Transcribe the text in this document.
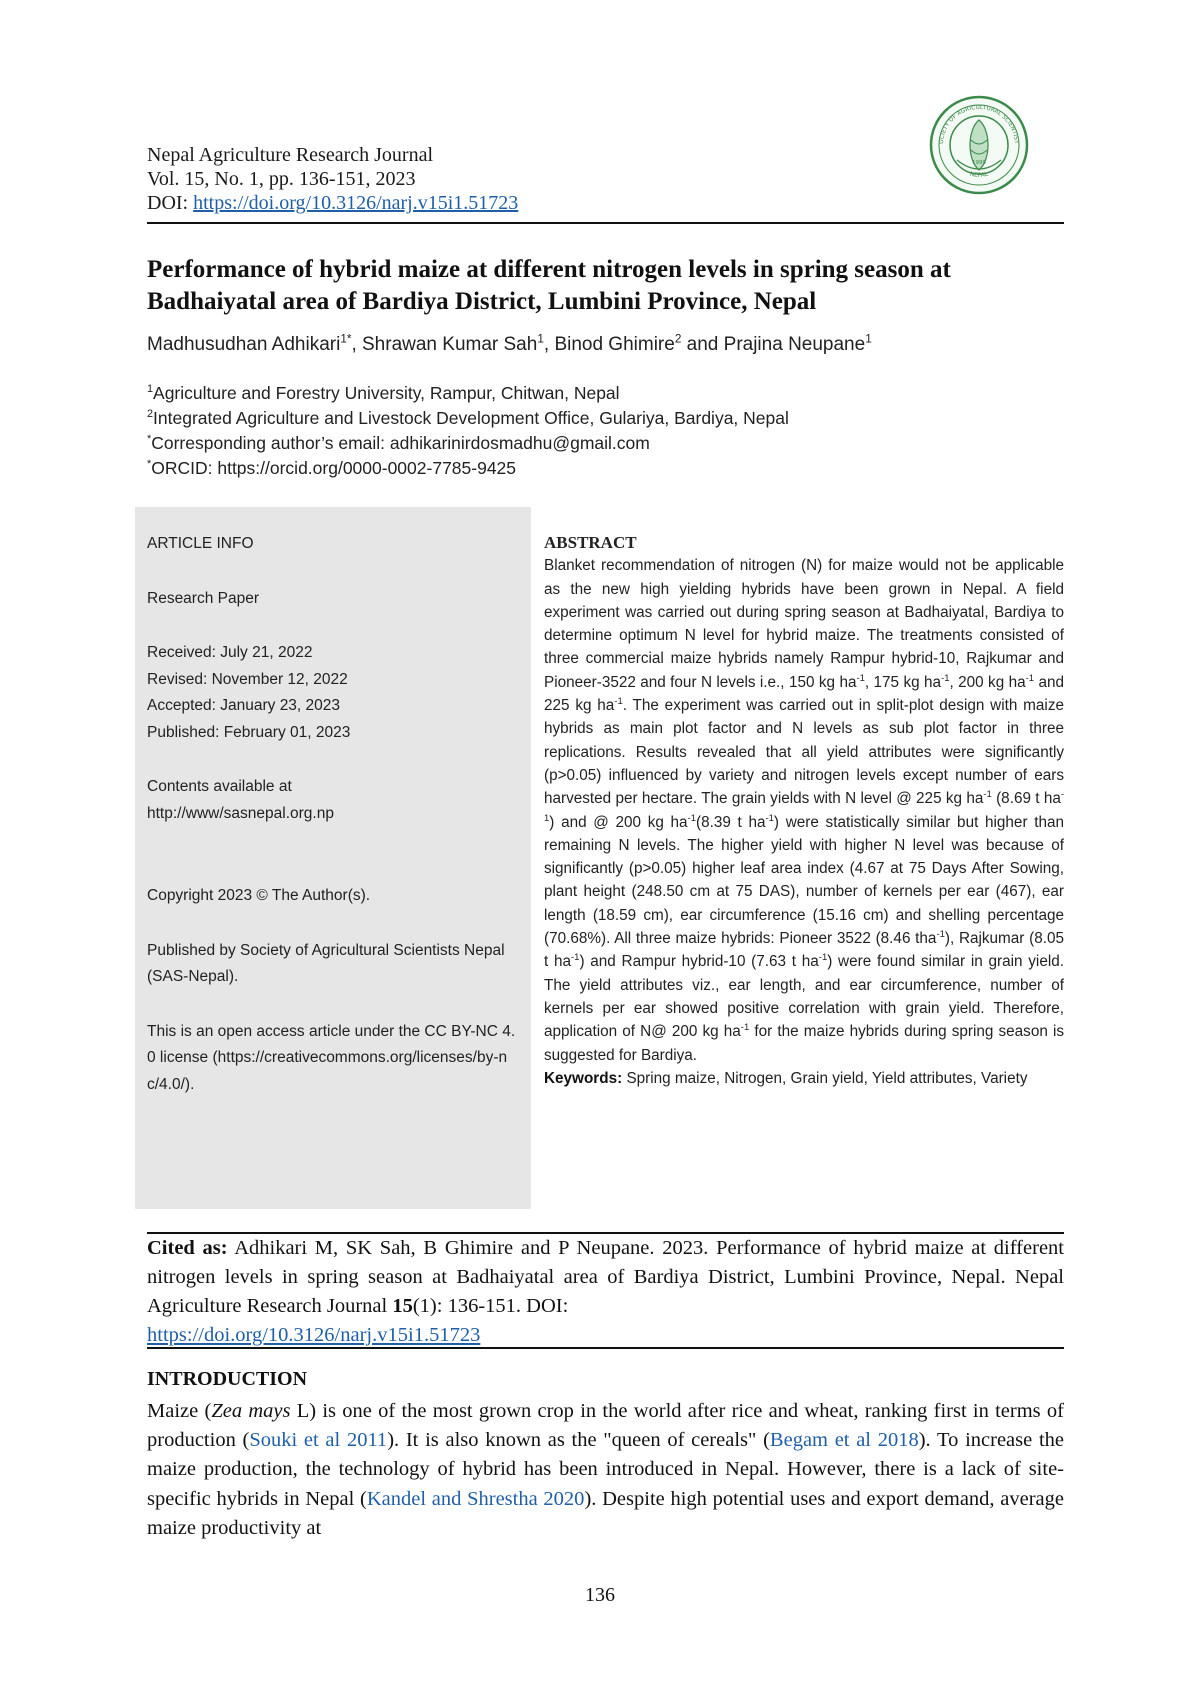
Nepal Agriculture Research Journal
Vol. 15, No. 1, pp. 136-151, 2023
DOI: https://doi.org/10.3126/narj.v15i1.51723
OCIETY OF AGRICULTURAL SCIENTIST
NEPAL
1999
Performance of hybrid maize at different nitrogen levels in spring season at Badhaiyatal area of Bardiya District, Lumbini Province, Nepal
Madhusudhan Adhikari$^{1*}$, Shrawan Kumar Sah$^1$, Binod Ghimire$^2$ and Prajina Neupane$^1$
$^1$Agriculture and Forestry University, Rampur, Chitwan, Nepal
$^2$Integrated Agriculture and Livestock Development Office, Gulariya, Bardiya, Nepal
*Corresponding author’s email: adhikarinirdosmadhu@gmail.com
*ORCID: https://orcid.org/0000-0002-7785-9425
ARTICLE INFO
Research Paper
Received: July 21, 2022
Revised: November 12, 2022
Accepted: January 23, 2023
Published: February 01, 2023
Contents available at
http://www/sasnepal.org.np
Copyright 2023 © The Author(s).
Published by Society of Agricultural Scientists Nepal (SAS-Nepal).
This is an open access article under the CC BY-NC 4.0 license (https://creativecommons.org/licenses/by-nc/4.0/).
ABSTRACT
Blanket recommendation of nitrogen (N) for maize would not be applicable as the new high yielding hybrids have been grown in Nepal. A field experiment was carried out during spring season at Badhaiyatal, Bardiya to determine optimum N level for hybrid maize. The treatments consisted of three commercial maize hybrids namely Rampur hybrid-10, Rajkumar and Pioneer-3522 and four N levels i.e., 150 kg $ha^{-1}$, 175 kg $ha^{-1}$, 200 kg $ha^{-1}$ and 225 kg $ha^{-1}$. The experiment was carried out in split-plot design with maize hybrids as main plot factor and N levels as sub plot factor in three replications. Results revealed that all yield attributes were significantly (p>0.05) influenced by variety and nitrogen levels except number of ears harvested per hectare. The grain yields with N level @ 225 kg $ha^{-1}$ (8.69 t $ha^{-1}$) and @ 200 kg $ha^{-1}(8.39$ t $ha^{-1}$) were statistically similar but higher than remaining N levels. The higher yield with higher N level was because of significantly (p>0.05) higher leaf area index (4.67 at 75 Days After Sowing, plant height (248.50 cm at 75 DAS), number of kernels per ear (467), ear length (18.59 cm), ear circumference (15.16 cm) and shelling percentage (70.68%). All three maize hybrids: Pioneer 3522 (8.46 tha$^{-1}$), Rajkumar (8.05 t $ha^{-1}$) and Rampur hybrid-10 (7.63 t $ha^{-1}$) were found similar in grain yield. The yield attributes viz., ear length, and ear circumference, number of kernels per ear showed positive correlation with grain yield. Therefore, application of N@ 200 kg $ha^{-1}$ for the maize hybrids during spring season is suggested for Bardiya.
Keywords: Spring maize, Nitrogen, Grain yield, Yield attributes, Variety
Cited as: Adhikari M, SK Sah, B Ghimire and P Neupane. 2023. Performance of hybrid maize at different nitrogen levels in spring season at Badhaiyatal area of Bardiya District, Lumbini Province, Nepal. Nepal Agriculture Research Journal 15(1): 136-151. DOI:
https://doi.org/10.3126/narj.v15i1.51723
INTRODUCTION
Maize (Zea mays L) is one of the most grown crop in the world after rice and wheat, ranking first in terms of production (Souki et al 2011). It is also known as the "queen of cereals" (Begam et al 2018). To increase the maize production, the technology of hybrid has been introduced in Nepal. However, there is a lack of site-specific hybrids in Nepal (Kandel and Shrestha 2020). Despite high potential uses and export demand, average maize productivity at
136
